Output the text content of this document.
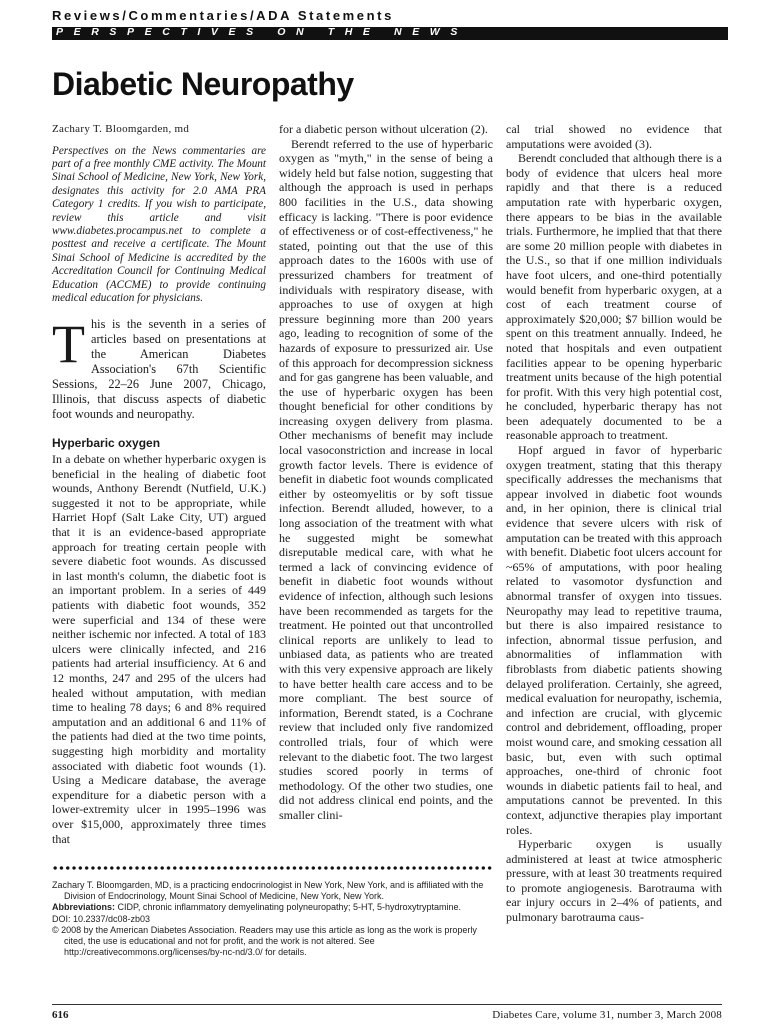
Reviews/Commentaries/ADA Statements
PERSPECTIVES ON THE NEWS
Diabetic Neuropathy

Zachary T. Bloomgarden, md

Perspectives on the News commentaries are part of a free monthly CME activity. The Mount Sinai School of Medicine, New York, New York, designates this activity for 2.0 AMA PRA Category 1 credits. If you wish to participate, review this article and visit www.diabetes.procampus.net to complete a posttest and receive a certificate. The Mount Sinai School of Medicine is accredited by the Accreditation Council for Continuing Medical Education (ACCME) to provide continuing medical education for physicians.

This is the seventh in a series of articles based on presentations at the American Diabetes Association's 67th Scientific Sessions, 22–26 June 2007, Chicago, Illinois, that discuss aspects of diabetic foot wounds and neuropathy.

Hyperbaric oxygen

In a debate on whether hyperbaric oxygen is beneficial in the healing of diabetic foot wounds, Anthony Berendt (Nutfield, U.K.) suggested it not to be appropriate, while Harriet Hopf (Salt Lake City, UT) argued that it is an evidence-based appropriate approach for treating certain people with severe diabetic foot wounds. As discussed in last month's column, the diabetic foot is an important problem. In a series of 449 patients with diabetic foot wounds, 352 were superficial and 134 of these were neither ischemic nor infected. A total of 183 ulcers were clinically infected, and 216 patients had arterial insufficiency. At 6 and 12 months, 247 and 295 of the ulcers had healed without amputation, with median time to healing 78 days; 6 and 8% required amputation and an additional 6 and 11% of the patients had died at the two time points, suggesting high morbidity and mortality associated with diabetic foot wounds (1). Using a Medicare database, the average expenditure for a diabetic person with a lower-extremity ulcer in 1995–1996 was over $15,000, approximately three times that

for a diabetic person without ulceration (2).

Berendt referred to the use of hyperbaric oxygen as "myth," in the sense of being a widely held but false notion, suggesting that although the approach is used in perhaps 800 facilities in the U.S., data showing efficacy is lacking. "There is poor evidence of effectiveness or of cost-effectiveness," he stated, pointing out that the use of this approach dates to the 1600s with use of pressurized chambers for treatment of individuals with respiratory disease, with approaches to use of oxygen at high pressure beginning more than 200 years ago, leading to recognition of some of the hazards of exposure to pressurized air. Use of this approach for decompression sickness and for gas gangrene has been valuable, and the use of hyperbaric oxygen has been thought beneficial for other conditions by increasing oxygen delivery from plasma. Other mechanisms of benefit may include local vasoconstriction and increase in local growth factor levels. There is evidence of benefit in diabetic foot wounds complicated either by osteomyelitis or by soft tissue infection. Berendt alluded, however, to a long association of the treatment with what he suggested might be somewhat disreputable medical care, with what he termed a lack of convincing evidence of benefit in diabetic foot wounds without evidence of infection, although such lesions have been recommended as targets for the treatment. He pointed out that uncontrolled clinical reports are unlikely to lead to unbiased data, as patients who are treated with this very expensive approach are likely to have better health care access and to be more compliant. The best source of information, Berendt stated, is a Cochrane review that included only five randomized controlled trials, four of which were relevant to the diabetic foot. The two largest studies scored poorly in terms of methodology. Of the other two studies, one did not address clinical end points, and the smaller clini-

cal trial showed no evidence that amputations were avoided (3).

Berendt concluded that although there is a body of evidence that ulcers heal more rapidly and that there is a reduced amputation rate with hyperbaric oxygen, there appears to be bias in the available trials. Furthermore, he implied that that there are some 20 million people with diabetes in the U.S., so that if one million individuals have foot ulcers, and one-third potentially would benefit from hyperbaric oxygen, at a cost of each treatment course of approximately $20,000; $7 billion would be spent on this treatment annually. Indeed, he noted that hospitals and even outpatient facilities appear to be opening hyperbaric treatment units because of the high potential for profit. With this very high potential cost, he concluded, hyperbaric therapy has not been adequately documented to be a reasonable approach to treatment.

Hopf argued in favor of hyperbaric oxygen treatment, stating that this therapy specifically addresses the mechanisms that appear involved in diabetic foot wounds and, in her opinion, there is clinical trial evidence that severe ulcers with risk of amputation can be treated with this approach with benefit. Diabetic foot ulcers account for ~65% of amputations, with poor healing related to vasomotor dysfunction and abnormal transfer of oxygen into tissues. Neuropathy may lead to repetitive trauma, but there is also impaired resistance to infection, abnormal tissue perfusion, and abnormalities of inflammation with fibroblasts from diabetic patients showing delayed proliferation. Certainly, she agreed, medical evaluation for neuropathy, ischemia, and infection are crucial, with glycemic control and debridement, offloading, proper moist wound care, and smoking cessation all basic, but, even with such optimal approaches, one-third of chronic foot wounds in diabetic patients fail to heal, and amputations cannot be prevented. In this context, adjunctive therapies play important roles.

Hyperbaric oxygen is usually administered at least at twice atmospheric pressure, with at least 30 treatments required to promote angiogenesis. Barotrauma with ear injury occurs in 2–4% of patients, and pulmonary barotrauma caus-

Zachary T. Bloomgarden, MD, is a practicing endocrinologist in New York, New York, and is affiliated with the Division of Endocrinology, Mount Sinai School of Medicine, New York, New York.

Abbreviations: CIDP, chronic inflammatory demyelinating polyneuropathy; 5-HT, 5-hydroxytryptamine.

DOI: 10.2337/dc08-zb03

© 2008 by the American Diabetes Association. Readers may use this article as long as the work is properly cited, the use is educational and not for profit, and the work is not altered. See http://creativecommons.org/licenses/by-nc-nd/3.0/ for details.

616	Diabetes Care, volume 31, number 3, March 2008
